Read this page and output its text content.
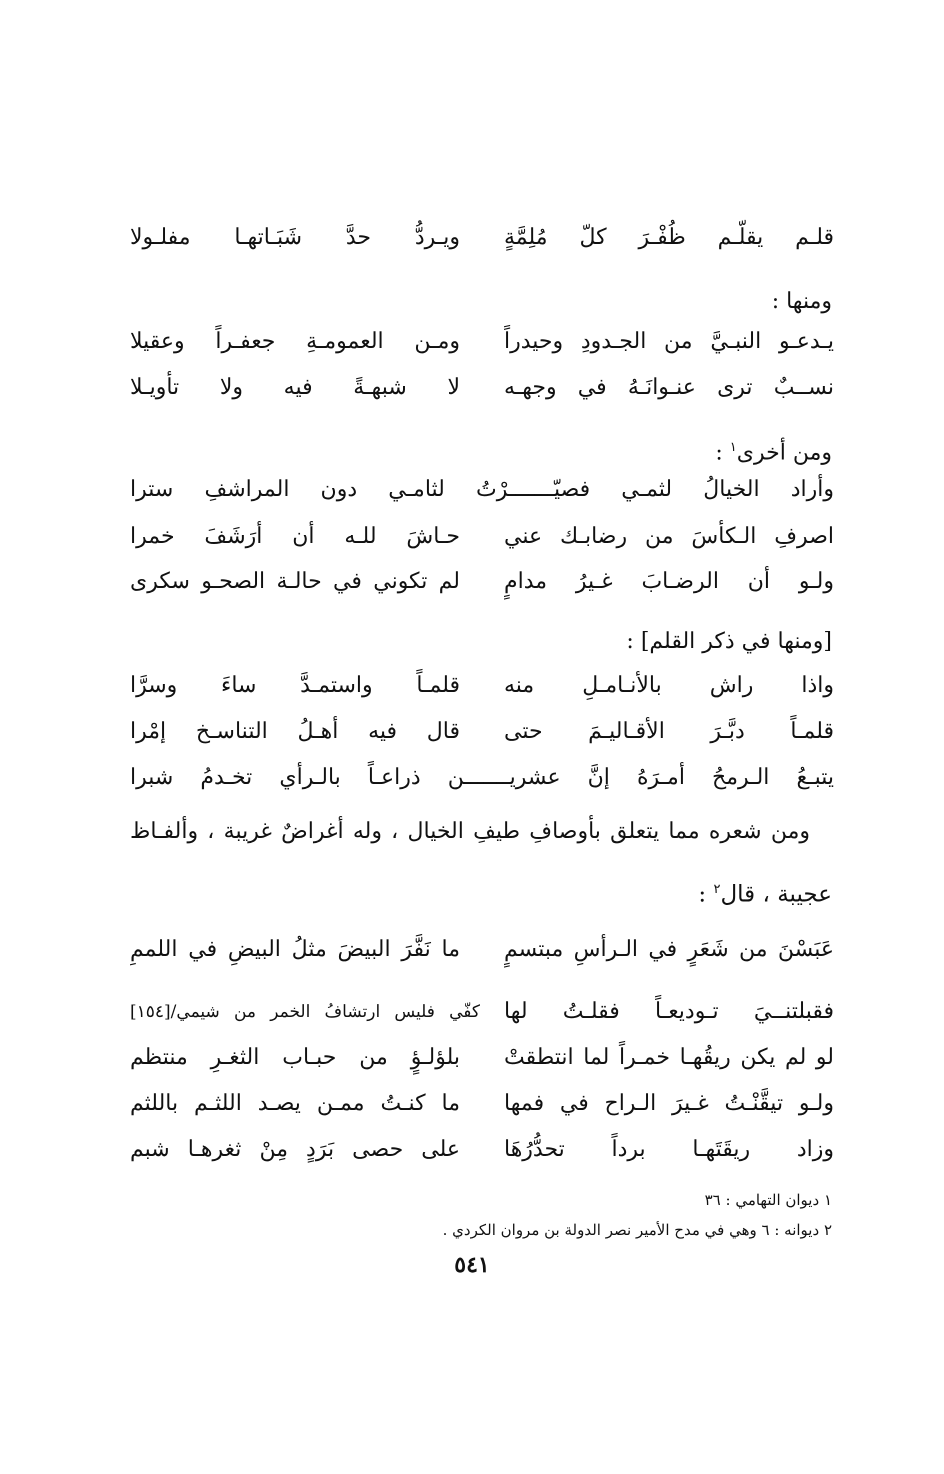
قلـم يقلّـم ظُفْـرَ كلّ مُلِمَّةٍ
ويـردُّ حدَّ شَبَـاتهـا مفلـولا
ومنها :
يـدعـو النبـيَّ من الجـدودِ وحيدراً
ومـن العمومـةِ جعفـراً وعقيلا
نســبٌ ترى عنـوانَـهُ في وجهـه
لا شبهـةً فيه ولا تأويـلا
ومن أخرى$^١$ :
وأراد الخيالُ لثمـي فصيّـــــــرْتُ لثامـي دون المراشفِ سترا
اصرفِ الـكأسَ من رضابـك عني
حـاشَ للـه أن أرَشَفَ خمرا
ولـو أن الرضـابَ غـيرُ مدامٍ
لم تكوني في حالـة الصحـو سكرى
[ومنها في ذكر القلم] :
واذا راش بالأنـامـلِ منه
قلمـاً واستمـدَّ ساءَ وسرَّا
قلمـاً دبَّـرَ الأقـاليـمَ حتى
قال فيه أهـلُ التناسـخ إمْرا
يتبـعُ الـرمحُ أمـرَهُ إنَّ عشريـــــــن ذراعـاً بالـرأي تخـدمُ شبرا
ومن شعره مما يتعلق بأوصافِ طيفِ الخيال ، وله أغراضٌ غريبة ، وألفـاظ
عجيبة ، قال$^٢$ :
عَبَسْنَ من شَعَرٍ في الـرأسِ مبتسمٍ
ما نَفَّرَ البيضَ مثلُ البيضِ في اللممِ
فقبلتنــيَ تـوديعـاً فقلـتُ لها
كفّي فليس ارتشافُ الخمر من شيمي/[١٥٤]
لو لم يكن ريقُهـا خمـراً لما انتطقتْ
بلؤلـؤٍ من حبـاب الثغـرِ منتظم
ولـو تيقَّنْـتُ غـيرَ الـراح في فمها
ما كنـتُ ممـن يصـد اللثـم باللثم
وزاد ريقَتَهـا برداً تحدُّرُهَا
على حصى بَرَدٍ مِنْ ثغرهـا شبم
١ ديوان التهامي : ٣٦
٢ ديوانه : ٦ وهي في مدح الأمير نصر الدولة بن مروان الكردي .
٥٤١
